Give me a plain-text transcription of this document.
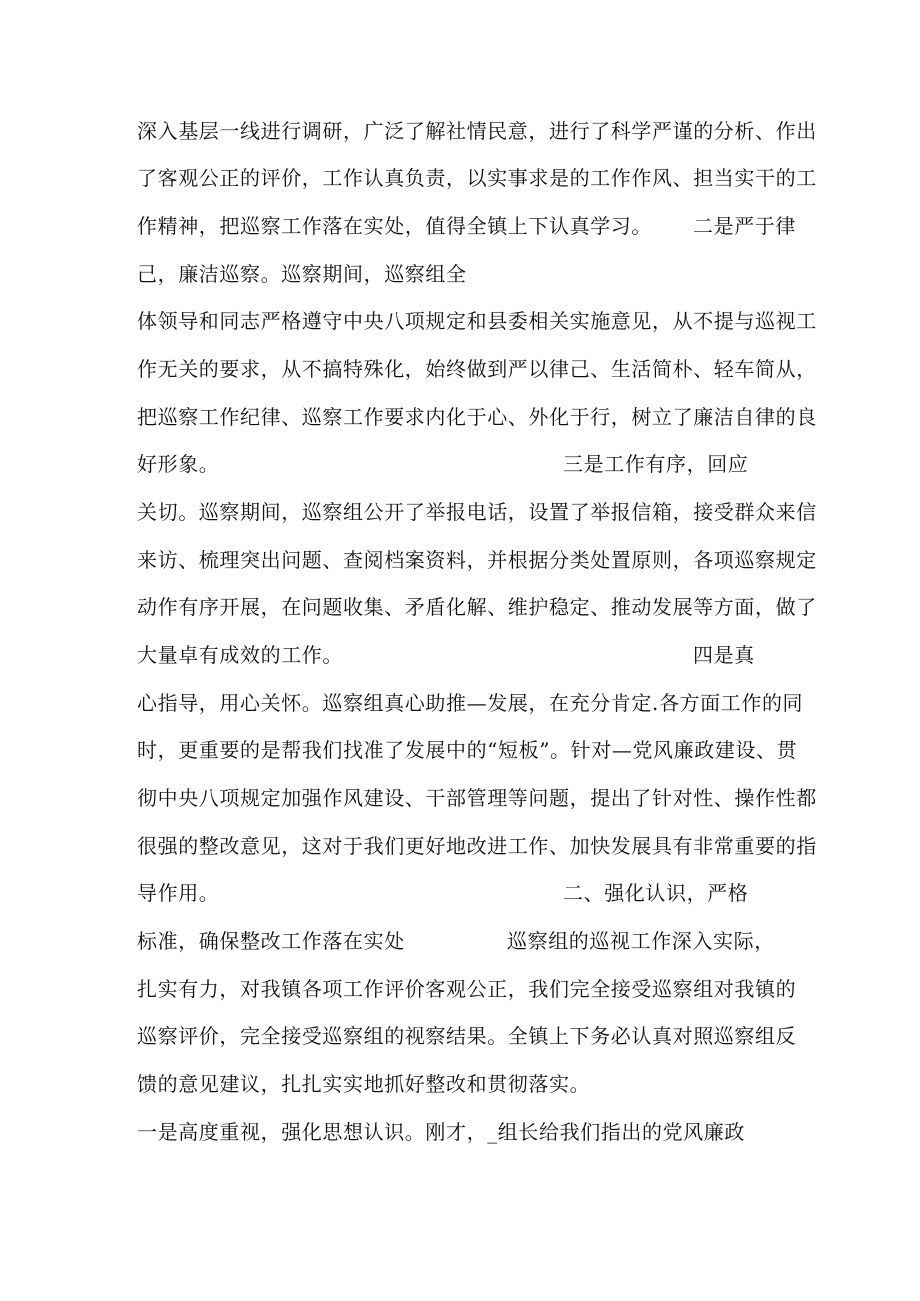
深入基层一线进行调研，广泛了解社情民意，进行了科学严谨的分析、作出
了客观公正的评价，工作认真负责，以实事求是的工作作风、担当实干的工
作精神，把巡察工作落在实处，值得全镇上下认真学习。 二是严于律
己，廉洁巡察。巡察期间，巡察组全
体领导和同志严格遵守中央八项规定和县委相关实施意见，从不提与巡视工
作无关的要求，从不搞特殊化，始终做到严以律己、生活简朴、轻车简从，
把巡察工作纪律、巡察工作要求内化于心、外化于行，树立了廉洁自律的良
好形象。	三是工作有序，回应
关切。巡察期间，巡察组公开了举报电话，设置了举报信箱，接受群众来信
来访、梳理突出问题、查阅档案资料，并根据分类处置原则，各项巡察规定
动作有序开展，在问题收集、矛盾化解、维护稳定、推动发展等方面，做了
大量卓有成效的工作。	四是真
心指导，用心关怀。巡察组真心助推—发展，在充分肯定.各方面工作的同
时，更重要的是帮我们找准了发展中的“短板”。针对—党风廉政建设、贯
彻中央八项规定加强作风建设、干部管理等问题，提出了针对性、操作性都
很强的整改意见，这对于我们更好地改进工作、加快发展具有非常重要的指
导作用。	二、强化认识，严格
标准，确保整改工作落在实处	巡察组的巡视工作深入实际，
扎实有力，对我镇各项工作评价客观公正，我们完全接受巡察组对我镇的
巡察评价，完全接受巡察组的视察结果。全镇上下务必认真对照巡察组反
馈的意见建议，扎扎实实地抓好整改和贯彻落实。
一是高度重视，强化思想认识。刚才，_组长给我们指出的党风廉政
